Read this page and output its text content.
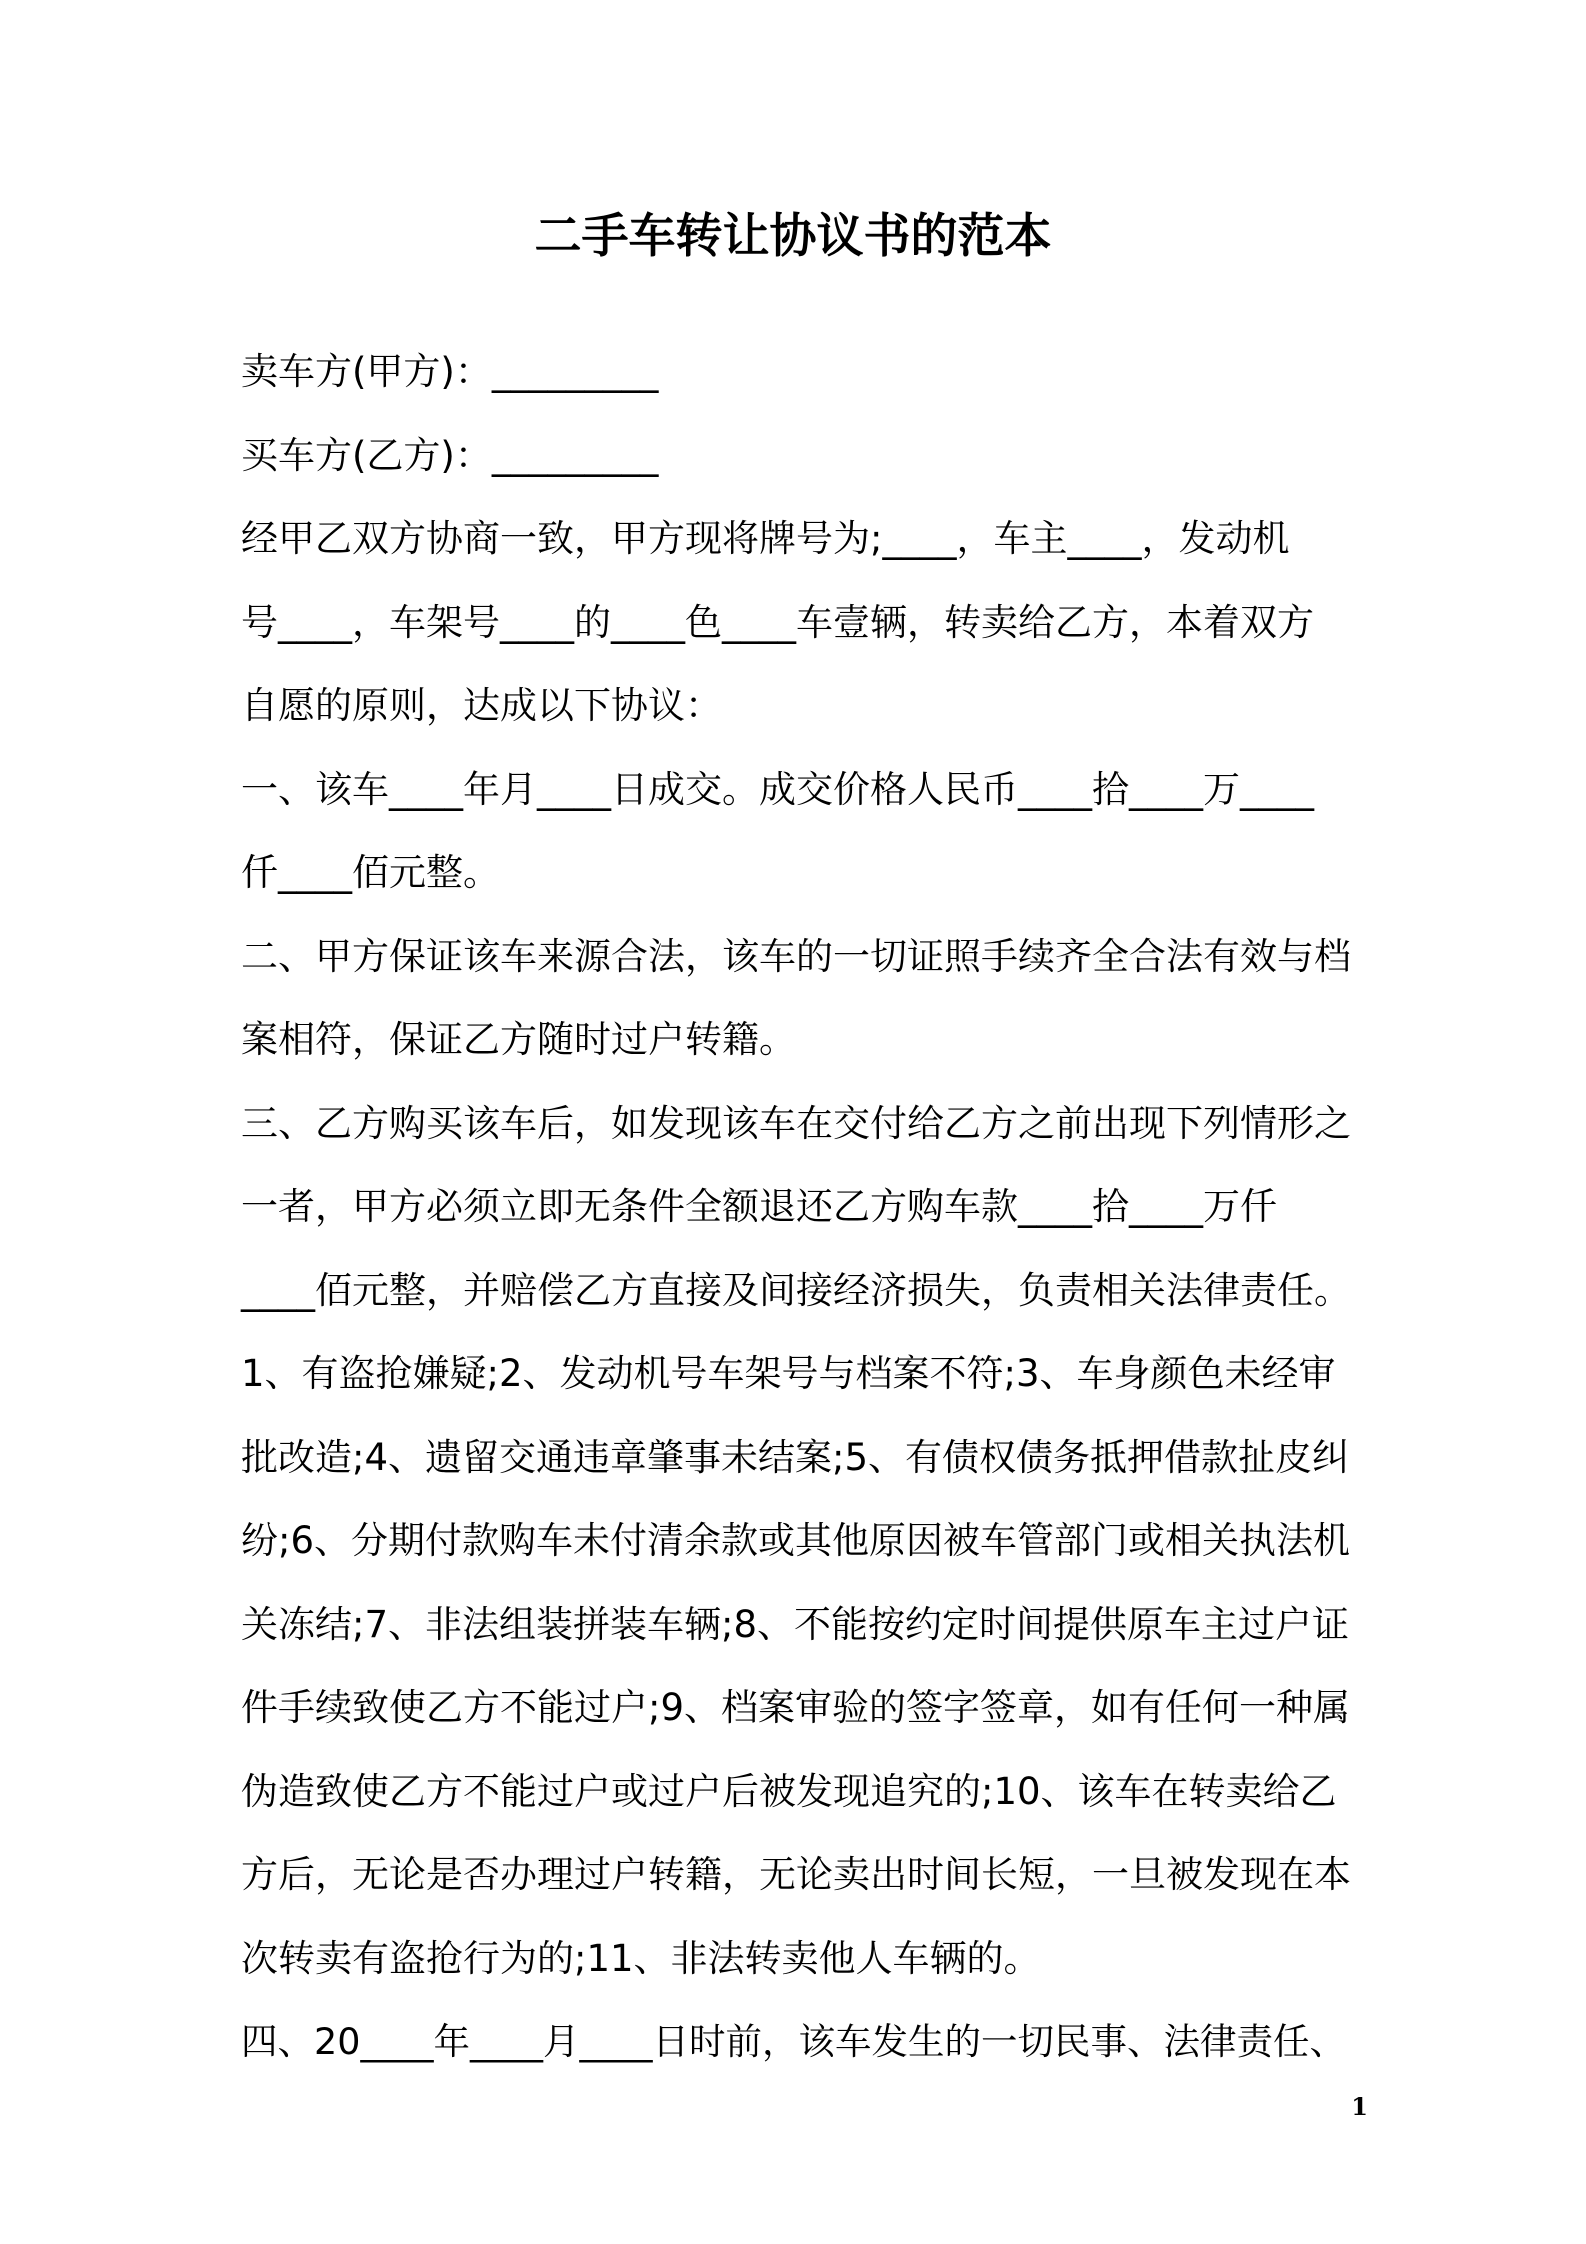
二手车转让协议书的范本
卖车方(甲方)：_________
买车方(乙方)：_________
经甲乙双方协商一致，甲方现将牌号为;____，车主____，发动机
号____，车架号____的____色____车壹辆，转卖给乙方，本着双方
自愿的原则，达成以下协议：
一、该车____年月____日成交。成交价格人民币____拾____万____
仟____佰元整。
二、甲方保证该车来源合法，该车的一切证照手续齐全合法有效与档
案相符，保证乙方随时过户转籍。
三、乙方购买该车后，如发现该车在交付给乙方之前出现下列情形之
一者，甲方必须立即无条件全额退还乙方购车款____拾____万仟
____佰元整，并赔偿乙方直接及间接经济损失，负责相关法律责任。
1、有盗抢嫌疑;2、发动机号车架号与档案不符;3、车身颜色未经审
批改造;4、遗留交通违章肇事未结案;5、有债权债务抵押借款扯皮纠
纷;6、分期付款购车未付清余款或其他原因被车管部门或相关执法机
关冻结;7、非法组装拼装车辆;8、不能按约定时间提供原车主过户证
件手续致使乙方不能过户;9、档案审验的签字签章，如有任何一种属
伪造致使乙方不能过户或过户后被发现追究的;10、该车在转卖给乙
方后，无论是否办理过户转籍，无论卖出时间长短，一旦被发现在本
次转卖有盗抢行为的;11、非法转卖他人车辆的。
四、20____年____月____日时前，该车发生的一切民事、法律责任、
1
